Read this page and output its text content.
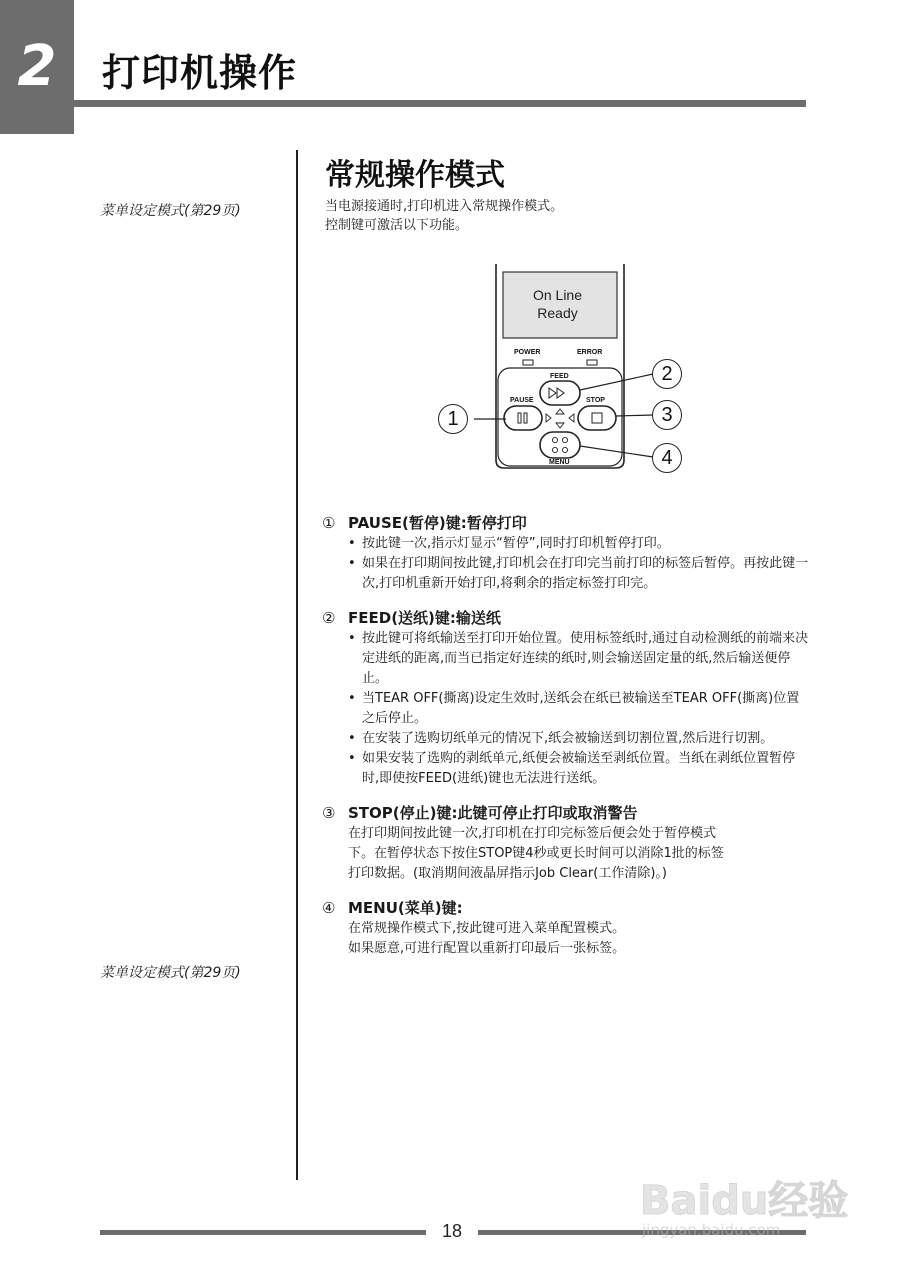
2	打印机操作
菜单设定模式(第29页)
菜单设定模式(第29页)
常规操作模式
当电源接通时,打印机进入常规操作模式。
控制键可激活以下功能。
On Line
Ready
POWER	ERROR
FEED
PAUSE	STOP
MENU
1
2
3
4
① PAUSE(暂停)键:暂停打印
• 按此键一次,指示灯显示“暂停”,同时打印机暂停打印。
• 如果在打印期间按此键,打印机会在打印完当前打印的标签后暂停。再按此键一次,打印机重新开始打印,将剩余的指定标签打印完。
② FEED(送纸)键:输送纸
• 按此键可将纸输送至打印开始位置。使用标签纸时,通过自动检测纸的前端来决定进纸的距离,而当已指定好连续的纸时,则会输送固定量的纸,然后输送便停止。
• 当TEAR OFF(撕离)设定生效时,送纸会在纸已被输送至TEAR OFF(撕离)位置之后停止。
• 在安装了选购切纸单元的情况下,纸会被输送到切割位置,然后进行切割。
• 如果安装了选购的剥纸单元,纸便会被输送至剥纸位置。当纸在剥纸位置暂停时,即使按FEED(进纸)键也无法进行送纸。
③ STOP(停止)键:此键可停止打印或取消警告
在打印期间按此键一次,打印机在打印完标签后便会处于暂停模式
下。在暂停状态下按住STOP键4秒或更长时间可以消除1批的标签
打印数据。(取消期间液晶屏指示Job Clear(工作清除)。)
④ MENU(菜单)键:
在常规操作模式下,按此键可进入菜单配置模式。
如果愿意,可进行配置以重新打印最后一张标签。
18
Baidu经验
jingyan.baidu.com
